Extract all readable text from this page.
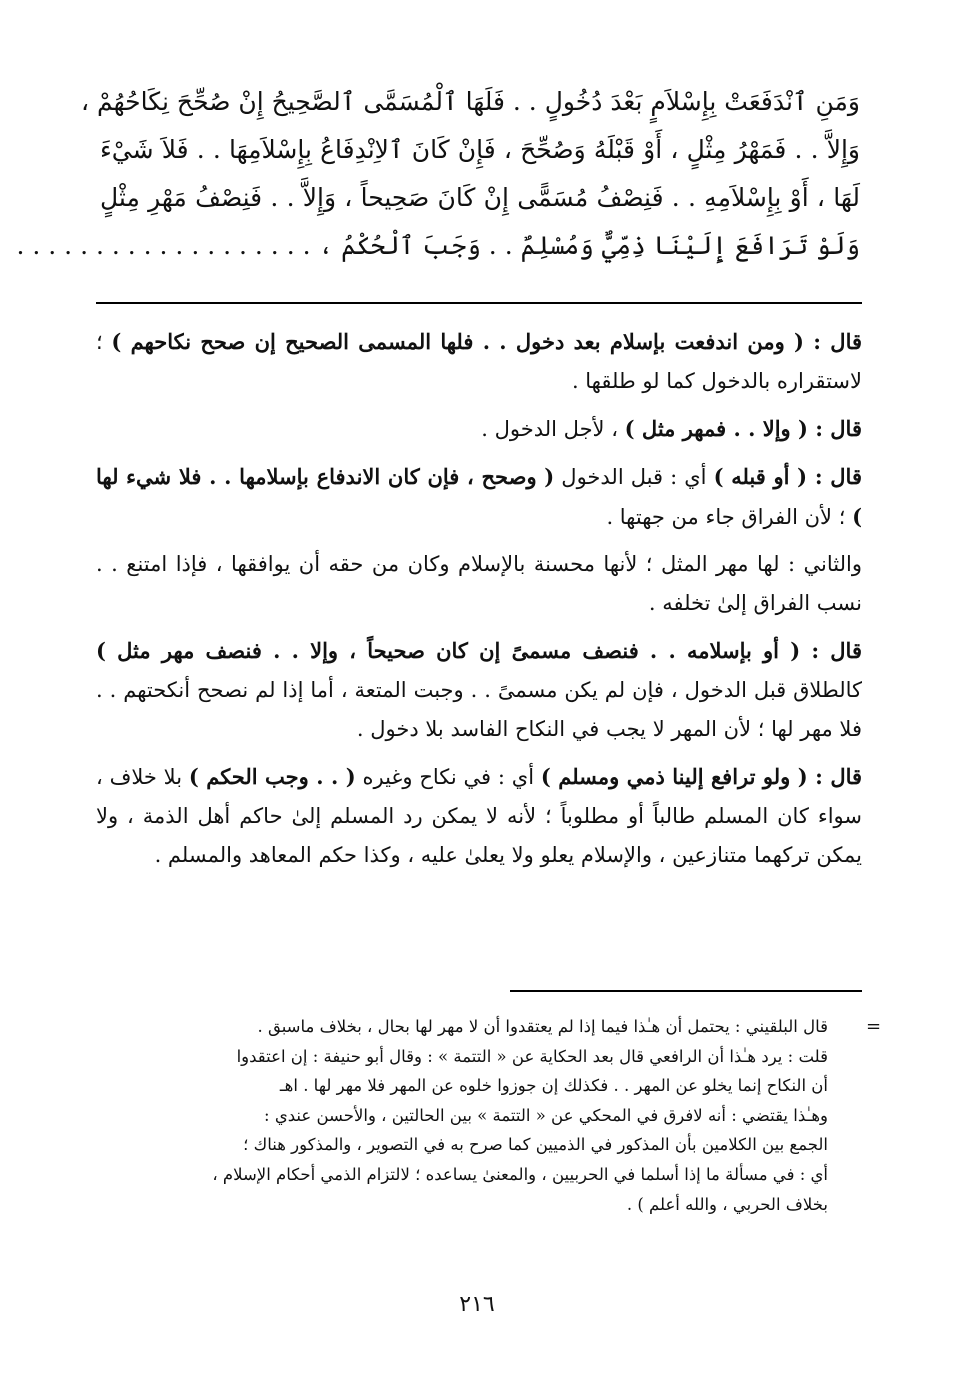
وَمَنِ ٱنْدَفَعَتْ بِإِسْلاَمٍ بَعْدَ دُخُولٍ . . فَلَهَا ٱلْمُسَمَّى ٱلصَّحِيحُ إِنْ صُحِّحَ نِكَاحُهُمْ ،
وَإِلاَّ . . فَمَهْرُ مِثْلٍ ، أَوْ قَبْلَهُ وَصُحِّحَ ، فَإِنْ كَانَ ٱلاِنْدِفَاعُ بِإِسْلاَمِهَا . . فَلاَ شَيْءَ
لَهَا ، أَوْ بِإِسْلاَمِهِ . . فَنِصْفُ مُسَمًّى إِنْ كَانَ صَحِيحاً ، وَإِلاَّ . . فَنِصْفُ مَهْرِ مِثْلٍ
وَلَوْ تَرَافَعَ إِلَيْنَا ذِمِّيٌّ وَمُسْلِمٌ . . وَجَبَ ٱلْحُكْمُ ، . . . . . . . . . . . . . . . . . . .

قال : ( ومن اندفعت بإسلام بعد دخول . . فلها المسمى الصحيح إن صحح نكاحهم ) ؛ لاستقراره بالدخول كما لو طلقها .

قال : ( وإلا . . فمهر مثل ) ، لأجل الدخول .

قال : ( أو قبله ) أي : قبل الدخول ( وصحح ، فإن كان الاندفاع بإسلامها . . فلا شيء لها ) ؛ لأن الفراق جاء من جهتها .

والثاني : لها مهر المثل ؛ لأنها محسنة بالإسلام وكان من حقه أن يوافقها ، فإذا امتنع . . نسب الفراق إلىٰ تخلفه .

قال : ( أو بإسلامه . . فنصف مسمىً إن كان صحيحاً ، وإلا . . فنصف مهر مثل ) كالطلاق قبل الدخول ، فإن لم يكن مسمىً . . وجبت المتعة ، أما إذا لم نصحح أنكحتهم . . فلا مهر لها ؛ لأن المهر لا يجب في النكاح الفاسد بلا دخول .

قال : ( ولو ترافع إلينا ذمي ومسلم ) أي : في نكاح وغيره ( . . وجب الحكم ) بلا خلاف ، سواء كان المسلم طالباً أو مطلوباً ؛ لأنه لا يمكن رد المسلم إلىٰ حاكم أهل الذمة ، ولا يمكن تركهما متنازعين ، والإسلام يعلو ولا يعلىٰ عليه ، وكذا حكم المعاهد والمسلم .

=
قال البلقيني : يحتمل أن هـٰذا فيما إذا لم يعتقدوا أن لا مهر لها بحال ، بخلاف ماسبق .
قلت : يرد هـٰذا أن الرافعي قال بعد الحكاية عن « التتمة » : وقال أبو حنيفة : إن اعتقدوا
أن النكاح إنما يخلو عن المهر . . فكذلك إن جوزوا خلوه عن المهر فلا مهر لها . اهـ
وهـٰذا يقتضي : أنه لافرق في المحكي عن « التتمة » بين الحالتين ، والأحسن عندي :
الجمع بين الكلامين بأن المذكور في الذميين كما صرح به في التصوير ، والمذكور هناك ؛
أي : في مسألة ما إذا أسلما في الحربيين ، والمعنىٰ يساعده ؛ لالتزام الذمي أحكام الإسلام ،
بخلاف الحربي ، والله أعلم ) .
٢١٦
